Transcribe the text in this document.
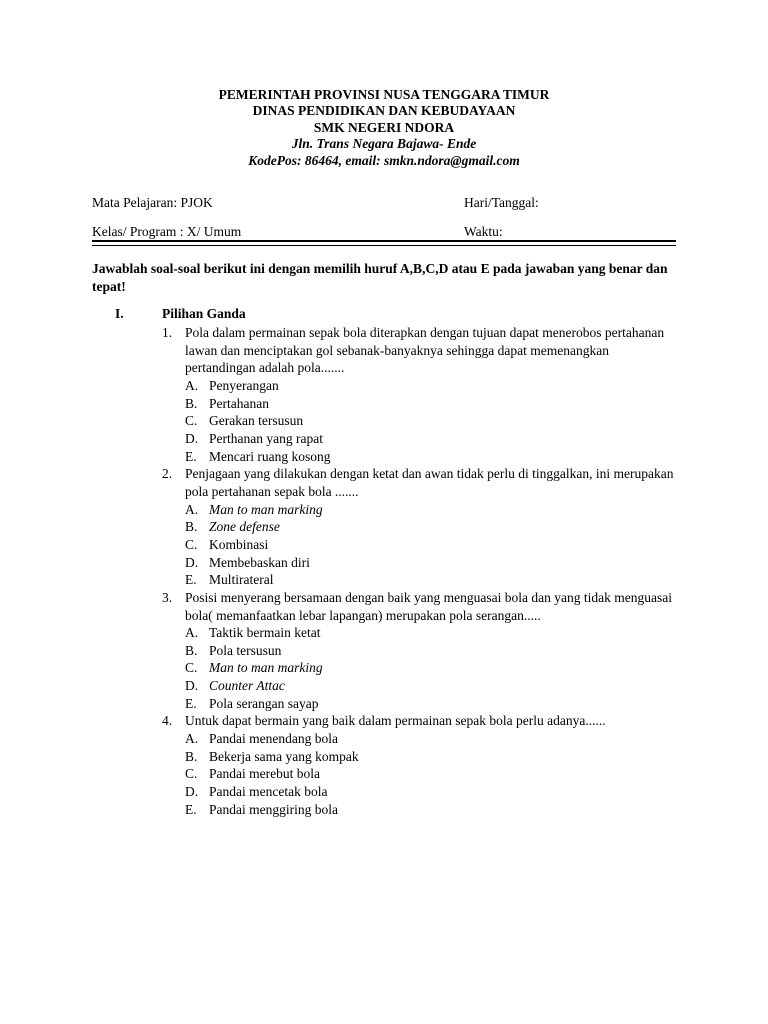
PEMERINTAH PROVINSI NUSA TENGGARA TIMUR
DINAS PENDIDIKAN DAN KEBUDAYAAN
SMK NEGERI NDORA
Jln. Trans Negara Bajawa- Ende
KodePos: 86464, email: smkn.ndora@gmail.com
Mata Pelajaran: PJOK	Hari/Tanggal:
Kelas/ Program : X/ Umum	Waktu:
Jawablah soal-soal berikut ini dengan memilih huruf A,B,C,D atau E pada jawaban yang benar dan tepat!
I.	Pilihan Ganda
1. Pola dalam permainan sepak bola diterapkan dengan tujuan dapat menerobos pertahanan lawan dan menciptakan gol sebanak-banyaknya sehingga dapat memenangkan pertandingan adalah pola.......
A. Penyerangan
B. Pertahanan
C. Gerakan tersusun
D. Perthanan yang rapat
E. Mencari ruang kosong
2. Penjagaan yang dilakukan dengan ketat dan awan tidak perlu di tinggalkan, ini merupakan pola pertahanan sepak bola .......
A. Man to man marking
B. Zone defense
C. Kombinasi
D. Membebaskan diri
E. Multirateral
3. Posisi menyerang bersamaan dengan baik yang menguasai bola dan yang tidak menguasai bola( memanfaatkan lebar lapangan) merupakan pola serangan.....
A. Taktik bermain ketat
B. Pola tersusun
C. Man to man marking
D. Counter Attac
E. Pola serangan sayap
4. Untuk dapat bermain yang baik dalam permainan sepak bola perlu adanya......
A. Pandai menendang bola
B. Bekerja sama yang kompak
C. Pandai merebut bola
D. Pandai mencetak bola
E. Pandai menggiring bola
